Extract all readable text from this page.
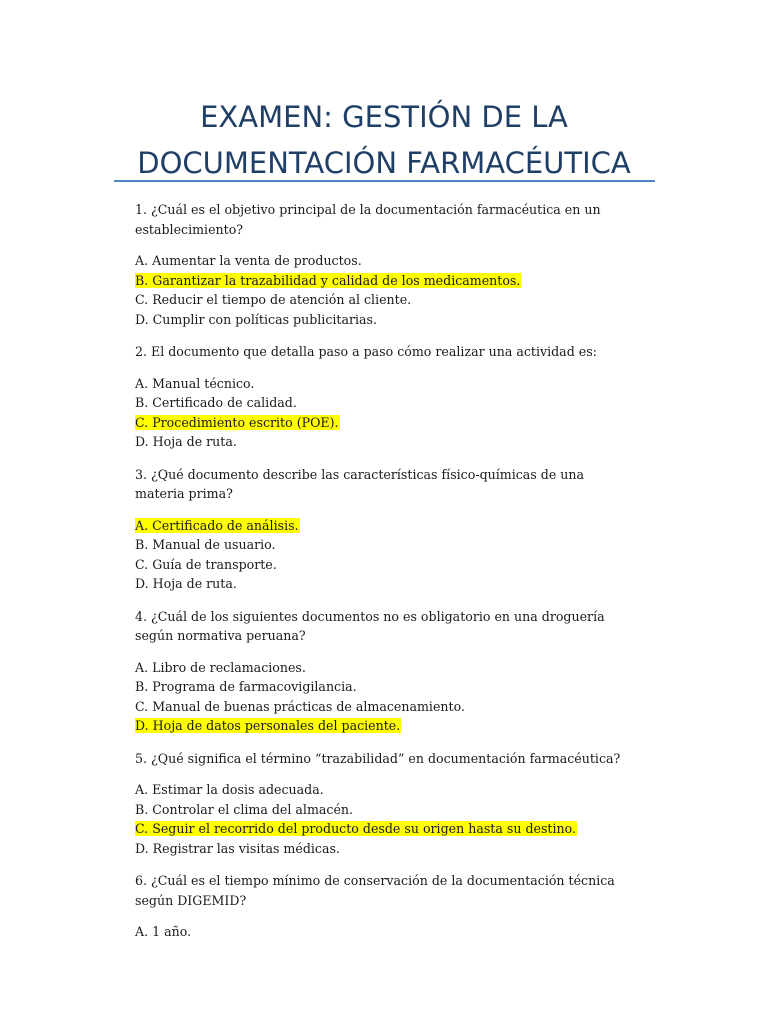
EXAMEN: GESTIÓN DE LA
DOCUMENTACIÓN FARMACÉUTICA
1. ¿Cuál es el objetivo principal de la documentación farmacéutica en un establecimiento?
A. Aumentar la venta de productos.
B. Garantizar la trazabilidad y calidad de los medicamentos.
C. Reducir el tiempo de atención al cliente.
D. Cumplir con políticas publicitarias.
2. El documento que detalla paso a paso cómo realizar una actividad es:
A. Manual técnico.
B. Certificado de calidad.
C. Procedimiento escrito (POE).
D. Hoja de ruta.
3. ¿Qué documento describe las características físico-químicas de una materia prima?
A. Certificado de análisis.
B. Manual de usuario.
C. Guía de transporte.
D. Hoja de ruta.
4. ¿Cuál de los siguientes documentos no es obligatorio en una droguería según normativa peruana?
A. Libro de reclamaciones.
B. Programa de farmacovigilancia.
C. Manual de buenas prácticas de almacenamiento.
D. Hoja de datos personales del paciente.
5. ¿Qué significa el término “trazabilidad” en documentación farmacéutica?
A. Estimar la dosis adecuada.
B. Controlar el clima del almacén.
C. Seguir el recorrido del producto desde su origen hasta su destino.
D. Registrar las visitas médicas.
6. ¿Cuál es el tiempo mínimo de conservación de la documentación técnica según DIGEMID?
A. 1 año.
